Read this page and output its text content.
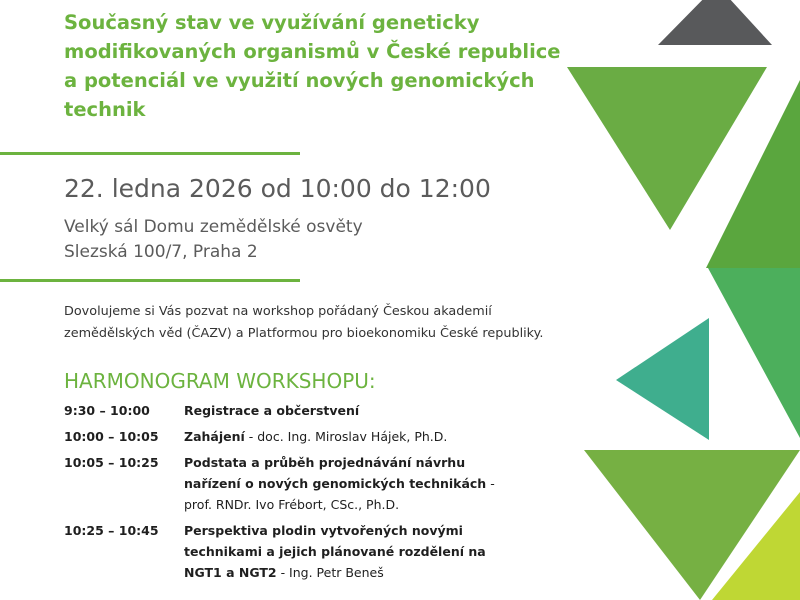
Současný stav ve využívání geneticky modifikovaných organismů v České republice a potenciál ve využití nových genomických technik
22. ledna 2026 od 10:00 do 12:00
Velký sál Domu zemědělské osvěty
Slezská 100/7, Praha 2
Dovolujeme si Vás pozvat na workshop pořádaný Českou akademií zemědělských věd (ČAZV) a Platformou pro bioekonomiku České republiky.
HARMONOGRAM WORKSHOPU:
9:30 – 10:00	Registrace a občerstvení
10:00 – 10:05	Zahájení - doc. Ing. Miroslav Hájek, Ph.D.
10:05 – 10:25	Podstata a průběh projednávání návrhu nařízení o nových genomických technikách - prof. RNDr. Ivo Frébort, CSc., Ph.D.
10:25 – 10:45	Perspektiva plodin vytvořených novými technikami a jejich plánované rozdělení na NGT1 a NGT2 - Ing. Petr Beneš
